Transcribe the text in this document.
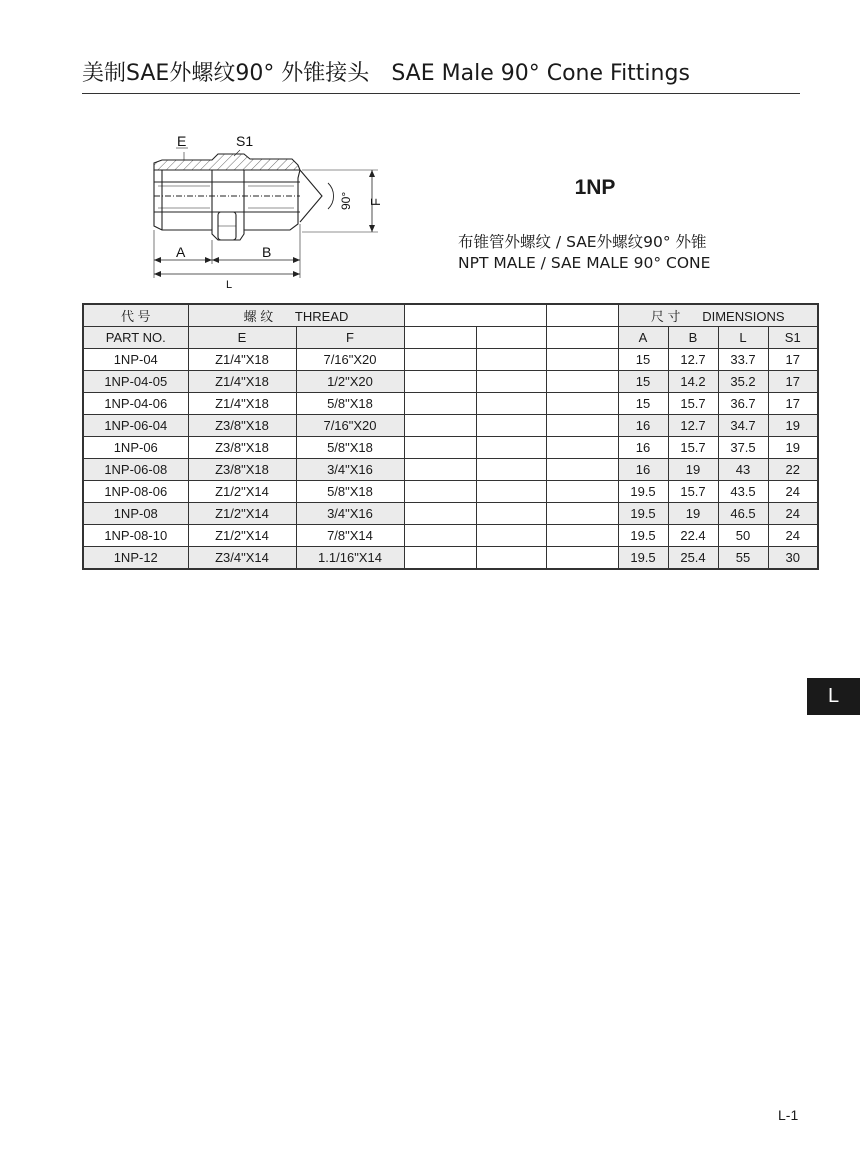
美制SAE外螺纹90° 外锥接头 SAE Male 90° Cone Fittings
E	S1
A	B
L
F
90°
1NP
布锥管外螺纹 / SAE外螺纹90° 外锥
NPT MALE / SAE MALE 90° CONE
代 号	螺 纹 THREAD					尺 寸 DIMENSIONS			
PART NO.	E	F				A	B	L	S1
1NP-04	Z1/4"X18	7/16"X20				15	12.7	33.7	17
1NP-04-05	Z1/4"X18	1/2"X20				15	14.2	35.2	17
1NP-04-06	Z1/4"X18	5/8"X18				15	15.7	36.7	17
1NP-06-04	Z3/8"X18	7/16"X20				16	12.7	34.7	19
1NP-06	Z3/8"X18	5/8"X18				16	15.7	37.5	19
1NP-06-08	Z3/8"X18	3/4"X16				16	19	43	22
1NP-08-06	Z1/2"X14	5/8"X18				19.5	15.7	43.5	24
1NP-08	Z1/2"X14	3/4"X16				19.5	19	46.5	24
1NP-08-10	Z1/2"X14	7/8"X14				19.5	22.4	50	24
1NP-12	Z3/4"X14	1.1/16"X14				19.5	25.4	55	30
L
L-1
